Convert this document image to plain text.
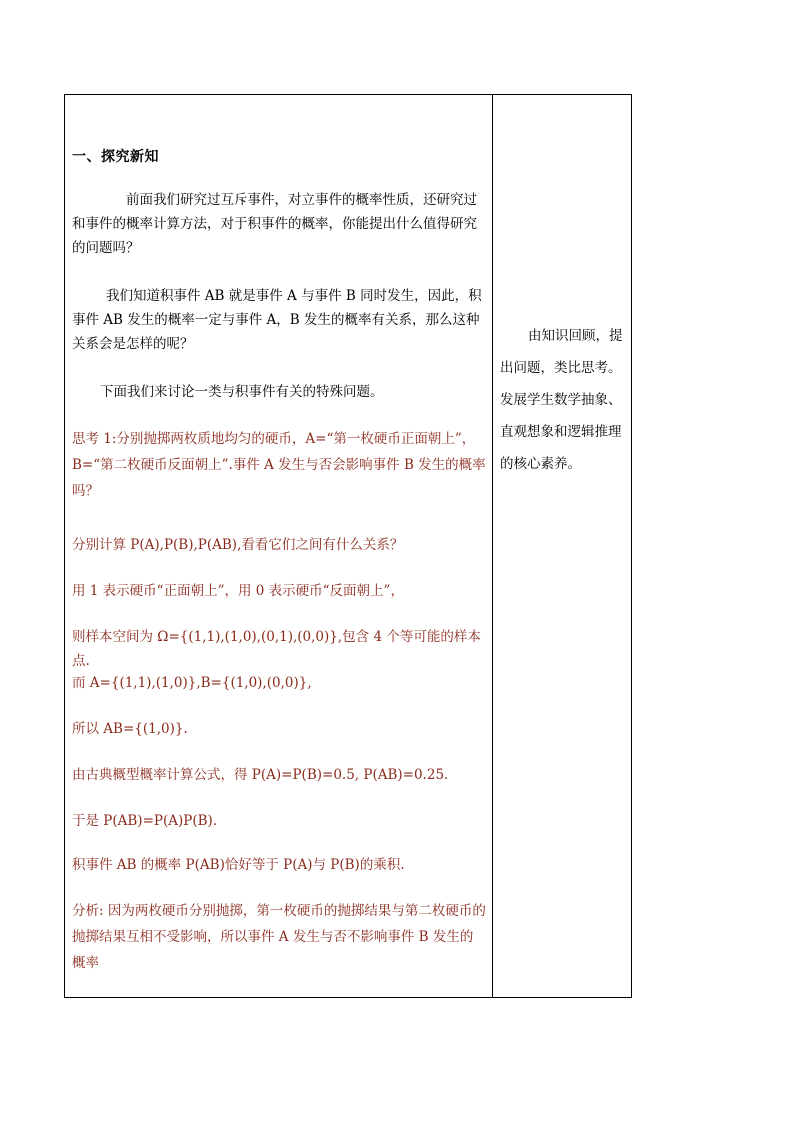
一、探究新知

前面我们研究过互斥事件，对立事件的概率性质，还研究过和事件的概率计算方法，对于积事件的概率，你能提出什么值得研究的问题吗？

我们知道积事件 AB 就是事件 A 与事件 B 同时发生，因此，积事件 AB 发生的概率一定与事件 A，B 发生的概率有关系，那么这种关系会是怎样的呢？

下面我们来讨论一类与积事件有关的特殊问题。

思考 1:分别抛掷两枚质地均匀的硬币，A=“第一枚硬币正面朝上”，B=“第二枚硬币反面朝上”.事件 A 发生与否会影响事件 B 发生的概率吗？

分别计算 P(A),P(B),P(AB),看看它们之间有什么关系？

用 1 表示硬币“正面朝上”，用 0 表示硬币“反面朝上”，

则样本空间为 Ω={(1,1),(1,0),(0,1),(0,0)},包含 4 个等可能的样本点.

而 A={(1,1),(1,0)},B={(1,0),(0,0)},

所以 AB={(1,0)}.

由古典概型概率计算公式，得 P(A)=P(B)=0.5, P(AB)=0.25.

于是 P(AB)=P(A)P(B).

积事件 AB 的概率 P(AB)恰好等于 P(A)与 P(B)的乘积.

分析: 因为两枚硬币分别抛掷，第一枚硬币的抛掷结果与第二枚硬币的抛掷结果互相不受影响，所以事件 A 发生与否不影响事件 B 发生的概率

由知识回顾，提出问题，类比思考。发展学生数学抽象、直观想象和逻辑推理的核心素养。
